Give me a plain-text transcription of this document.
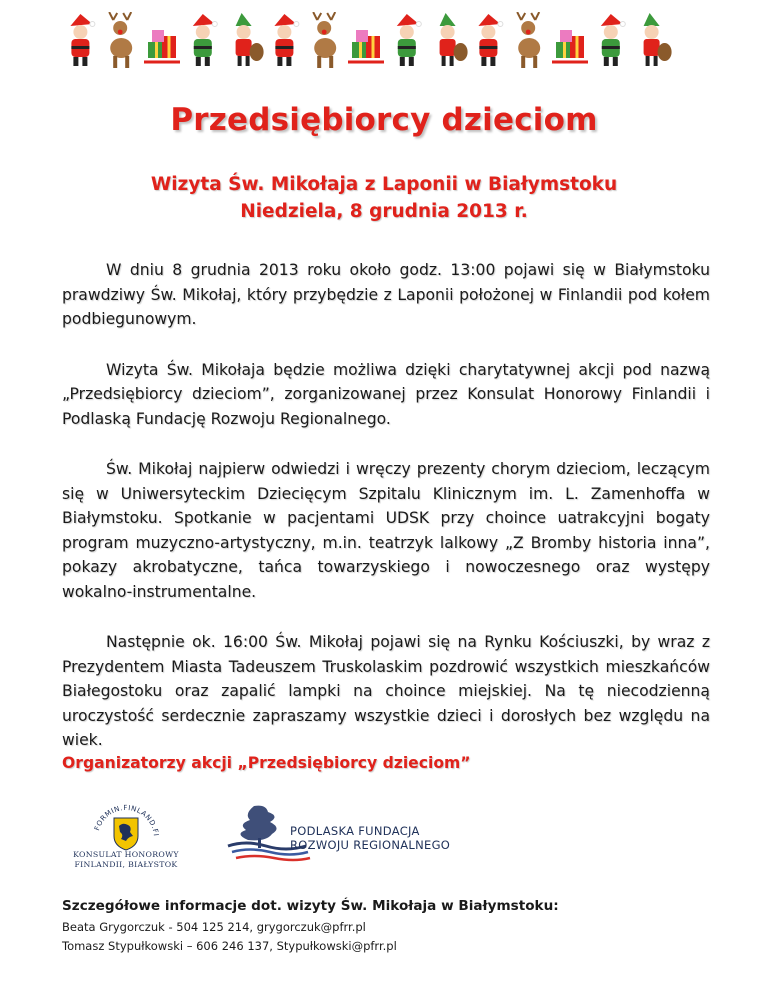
Przedsiębiorcy dzieciom
Wizyta Św. Mikołaja z Laponii w Białymstoku
Niedziela, 8 grudnia 2013 r.

W dniu 8 grudnia 2013 roku około godz. 13:00 pojawi się w Białymstoku prawdziwy Św. Mikołaj, który przybędzie z Laponii położonej w Finlandii pod kołem podbiegunowym.

Wizyta Św. Mikołaja będzie możliwa dzięki charytatywnej akcji pod nazwą „Przedsiębiorcy dzieciom”, zorganizowanej przez Konsulat Honorowy Finlandii i Podlaską Fundację Rozwoju Regionalnego.

Św. Mikołaj najpierw odwiedzi i wręczy prezenty chorym dzieciom, leczącym się w Uniwersyteckim Dziecięcym Szpitalu Klinicznym im. L. Zamenhoffa w Białymstoku. Spotkanie w pacjentami UDSK przy choince uatrakcyjni bogaty program muzyczno-artystyczny, m.in. teatrzyk lalkowy „Z Bromby historia inna”, pokazy akrobatyczne, tańca towarzyskiego i nowoczesnego oraz występy wokalno-instrumentalne.

Następnie ok. 16:00 Św. Mikołaj pojawi się na Rynku Kościuszki, by wraz z Prezydentem Miasta Tadeuszem Truskolaskim pozdrowić wszystkich mieszkańców Białegostoku oraz zapalić lampki na choince miejskiej. Na tę niecodzienną uroczystość serdecznie zapraszamy wszystkie dzieci i dorosłych bez względu na wiek.

Organizatorzy akcji „Przedsiębiorcy dzieciom”
FORMIN.FINLAND.FI
KONSULAT HONOROWY
FINLANDII, BIAŁYSTOK
PODLASKA FUNDACJA
ROZWOJU REGIONALNEGO
Szczegółowe informacje dot. wizyty Św. Mikołaja w Białymstoku:
Beata Grygorczuk - 504 125 214, grygorczuk@pfrr.pl
Tomasz Stypułkowski – 606 246 137, Stypułkowski@pfrr.pl
